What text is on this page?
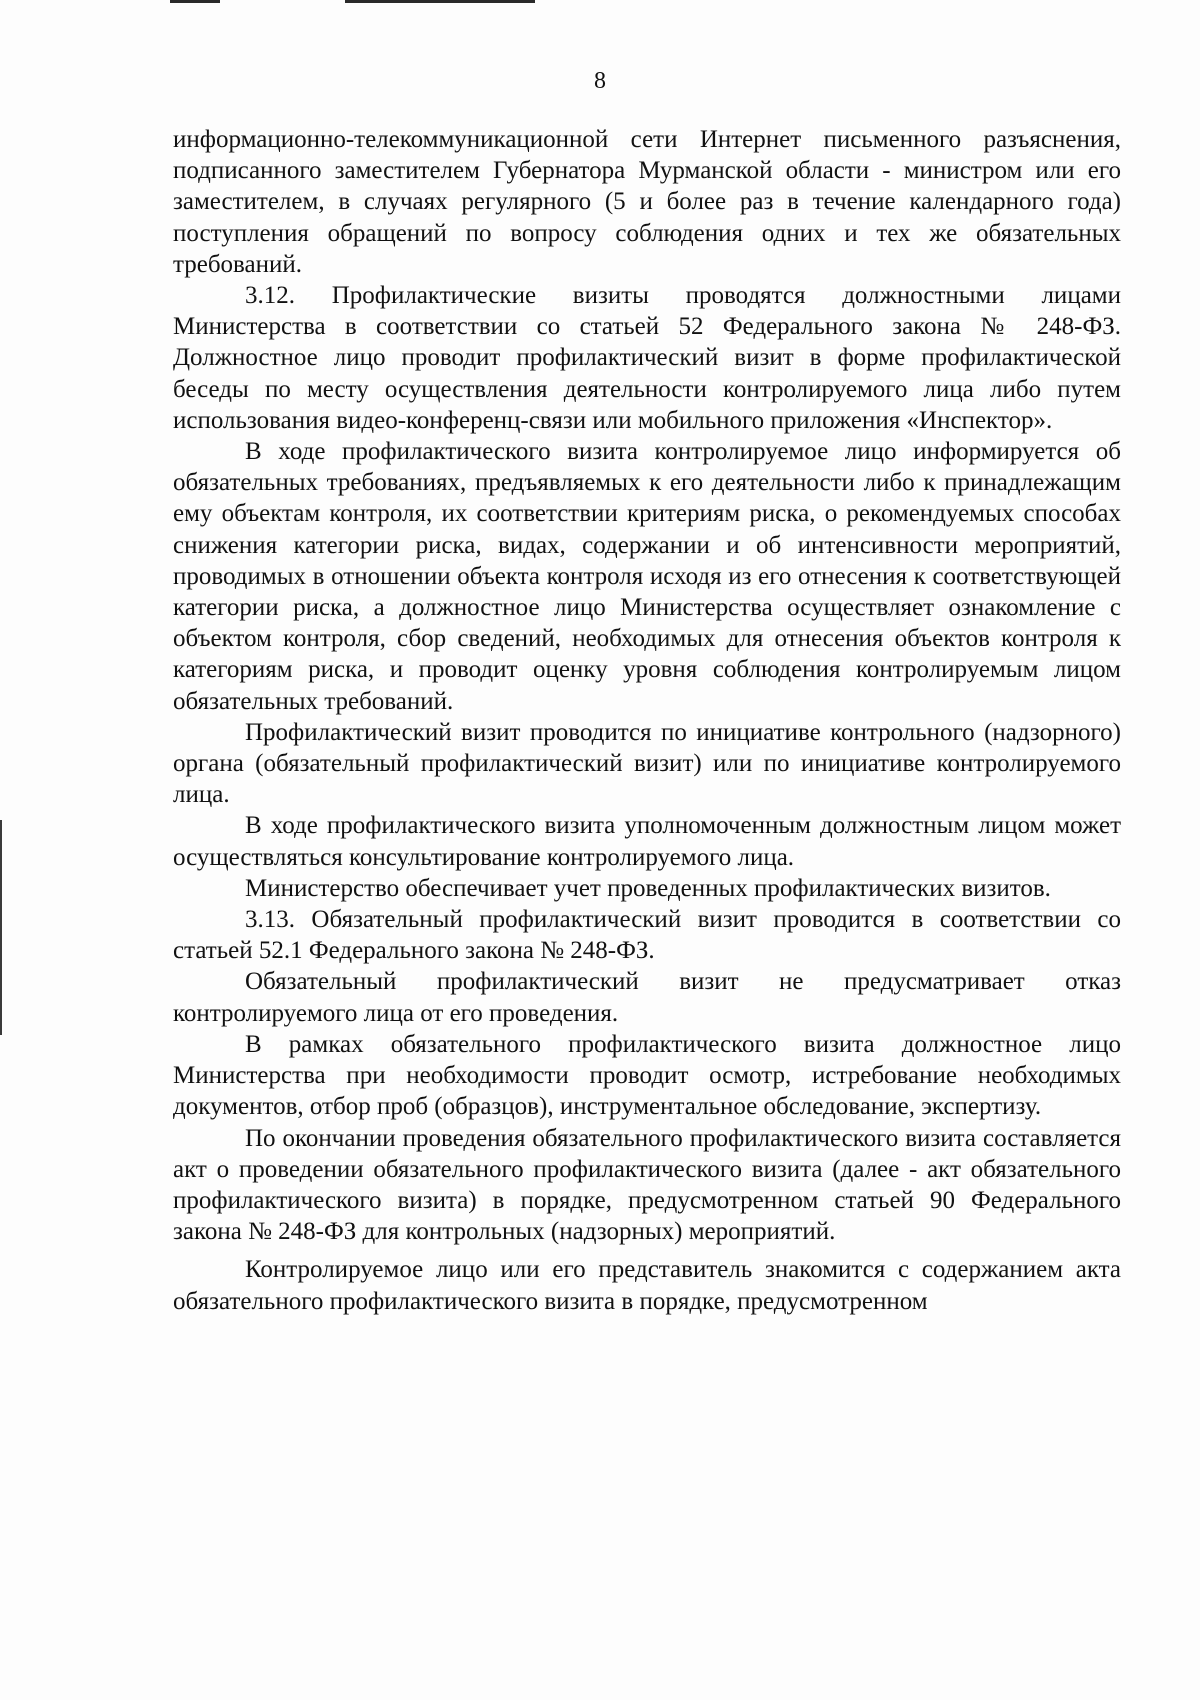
8

информационно-телекоммуникационной сети Интернет письменного разъяснения, подписанного заместителем Губернатора Мурманской области - министром или его заместителем, в случаях регулярного (5 и более раз в течение календарного года) поступления обращений по вопросу соблюдения одних и тех же обязательных требований.

3.12. Профилактические визиты проводятся должностными лицами Министерства в соответствии со статьей 52 Федерального закона № 248-ФЗ. Должностное лицо проводит профилактический визит в форме профилактической беседы по месту осуществления деятельности контролируемого лица либо путем использования видео-конференц-связи или мобильного приложения «Инспектор».

В ходе профилактического визита контролируемое лицо информируется об обязательных требованиях, предъявляемых к его деятельности либо к принадлежащим ему объектам контроля, их соответствии критериям риска, о рекомендуемых способах снижения категории риска, видах, содержании и об интенсивности мероприятий, проводимых в отношении объекта контроля исходя из его отнесения к соответствующей категории риска, а должностное лицо Министерства осуществляет ознакомление с объектом контроля, сбор сведений, необходимых для отнесения объектов контроля к категориям риска, и проводит оценку уровня соблюдения контролируемым лицом обязательных требований.

Профилактический визит проводится по инициативе контрольного (надзорного) органа (обязательный профилактический визит) или по инициативе контролируемого лица.

В ходе профилактического визита уполномоченным должностным лицом может осуществляться консультирование контролируемого лица.

Министерство обеспечивает учет проведенных профилактических визитов.

3.13. Обязательный профилактический визит проводится в соответствии со статьей 52.1 Федерального закона № 248-ФЗ.

Обязательный профилактический визит не предусматривает отказ контролируемого лица от его проведения.

В рамках обязательного профилактического визита должностное лицо Министерства при необходимости проводит осмотр, истребование необходимых документов, отбор проб (образцов), инструментальное обследование, экспертизу.

По окончании проведения обязательного профилактического визита составляется акт о проведении обязательного профилактического визита (далее - акт обязательного профилактического визита) в порядке, предусмотренном статьей 90 Федерального закона № 248-ФЗ для контрольных (надзорных) мероприятий.

Контролируемое лицо или его представитель знакомится с содержанием акта обязательного профилактического визита в порядке, предусмотренном
